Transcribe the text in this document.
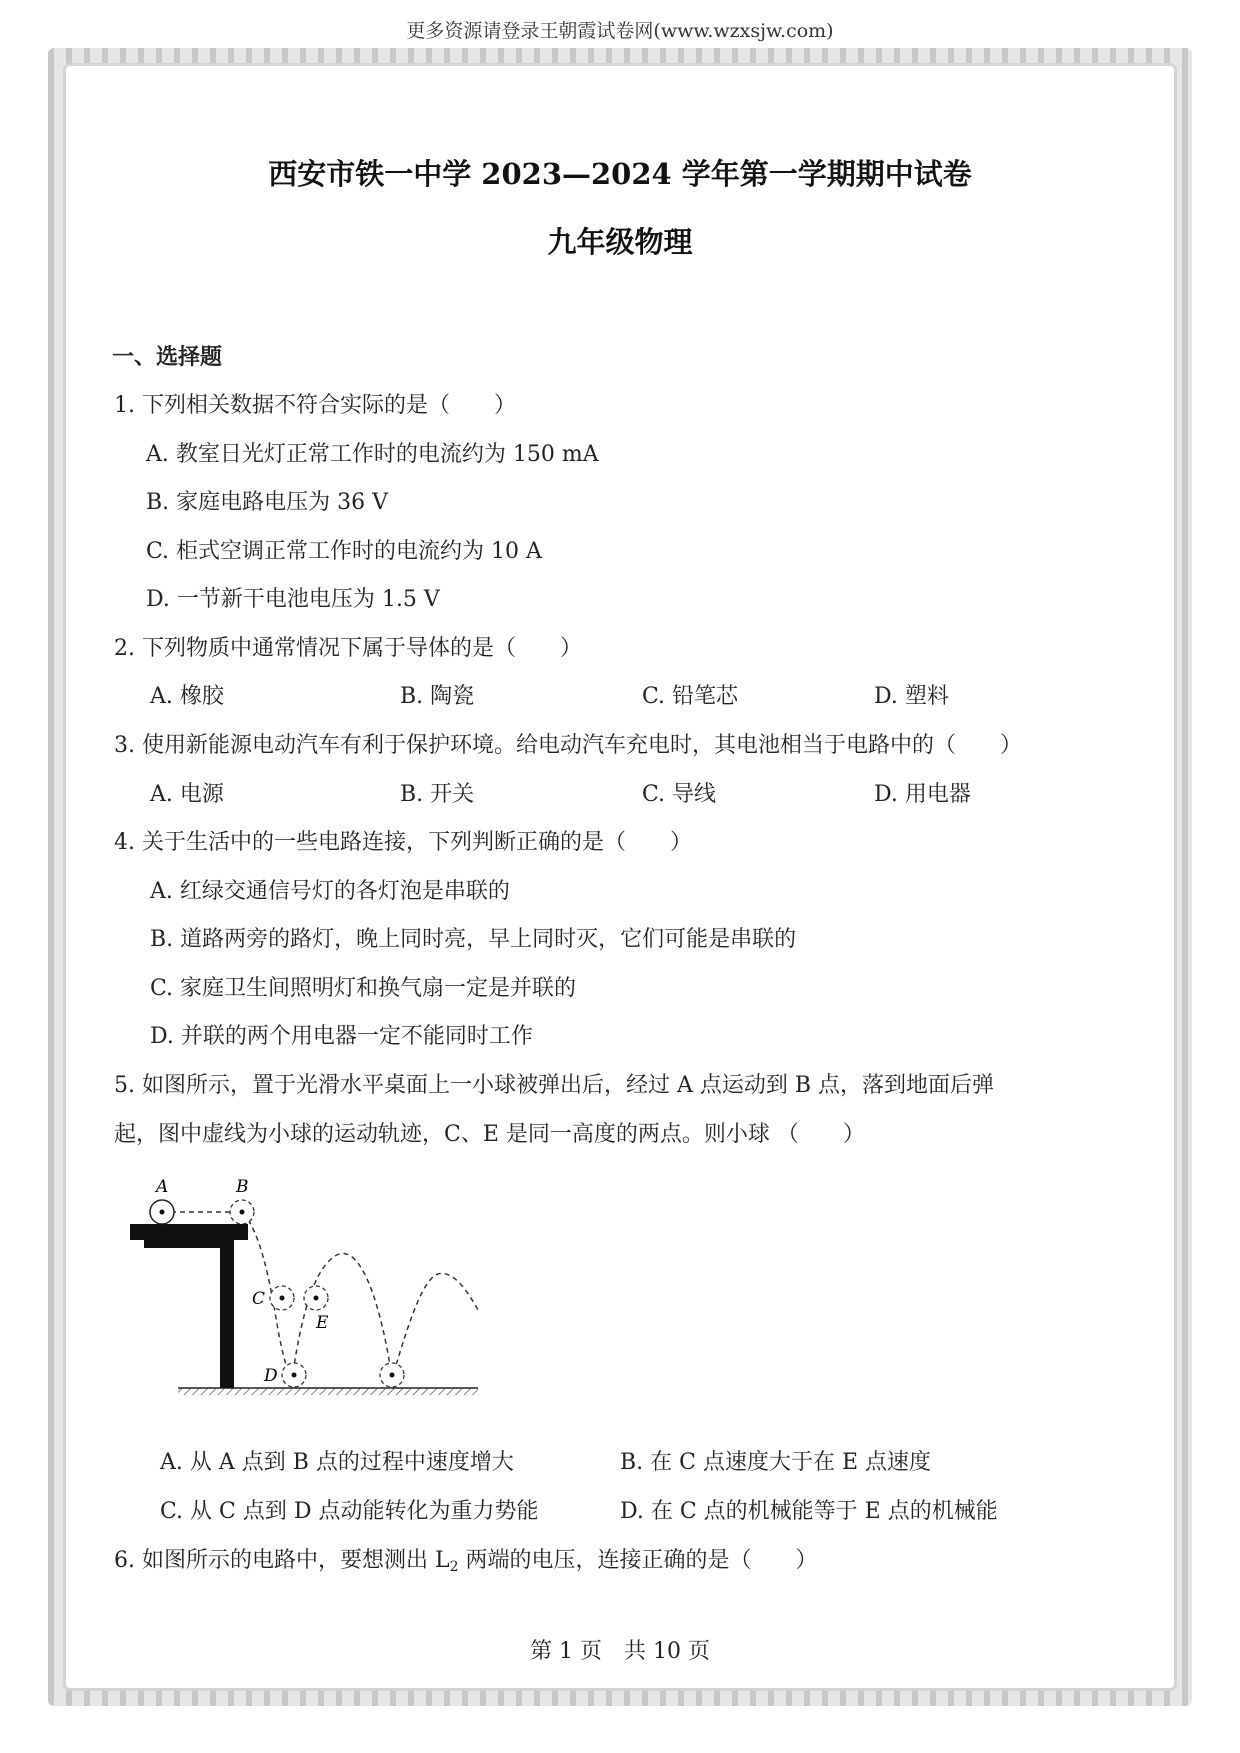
更多资源请登录王朝霞试卷网(www.wzxsjw.com)
西安市铁一中学 2023—2024 学年第一学期期中试卷
九年级物理
一、选择题
1. 下列相关数据不符合实际的是（　　）
A. 教室日光灯正常工作时的电流约为 150 mA
B. 家庭电路电压为 36 V
C. 柜式空调正常工作时的电流约为 10 A
D. 一节新干电池电压为 1.5 V
2. 下列物质中通常情况下属于导体的是（　　）
A. 橡胶	B. 陶瓷	C. 铅笔芯	D. 塑料
3. 使用新能源电动汽车有利于保护环境。给电动汽车充电时，其电池相当于电路中的（　　）
A. 电源	B. 开关	C. 导线	D. 用电器
4. 关于生活中的一些电路连接，下列判断正确的是（　　）
A. 红绿交通信号灯的各灯泡是串联的
B. 道路两旁的路灯，晚上同时亮，早上同时灭，它们可能是串联的
C. 家庭卫生间照明灯和换气扇一定是并联的
D. 并联的两个用电器一定不能同时工作
5. 如图所示，置于光滑水平桌面上一小球被弹出后，经过 A 点运动到 B 点，落到地面后弹
起，图中虚线为小球的运动轨迹，C、E 是同一高度的两点。则小球 （　　）
A	B
C
E
D
A. 从 A 点到 B 点的过程中速度增大	B. 在 C 点速度大于在 E 点速度
C. 从 C 点到 D 点动能转化为重力势能	D. 在 C 点的机械能等于 E 点的机械能
6. 如图所示的电路中，要想测出 L2 两端的电压，连接正确的是（　　）
第 1 页　共 10 页
